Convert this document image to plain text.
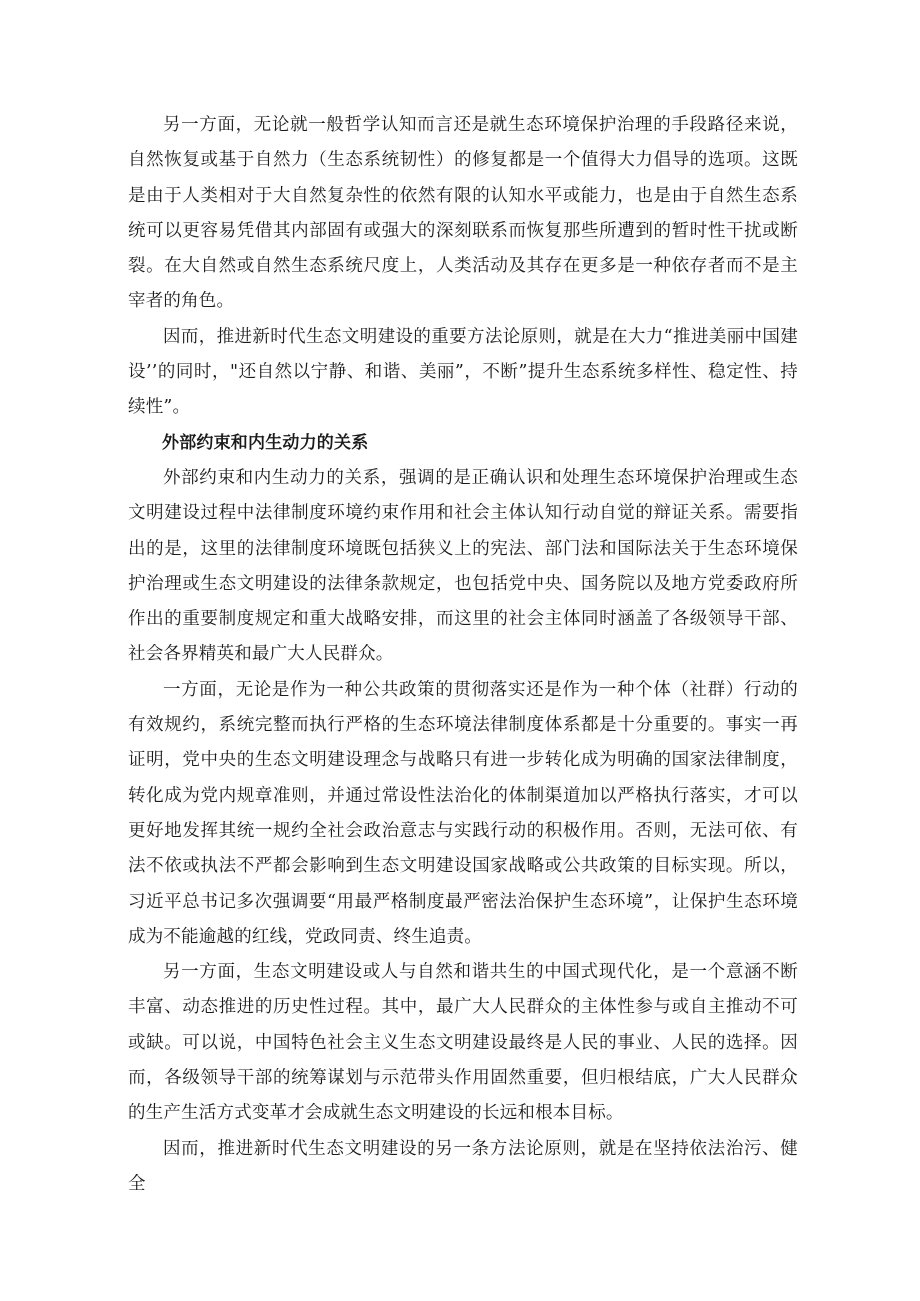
另一方面，无论就一般哲学认知而言还是就生态环境保护治理的手段路径来说，自然恢复或基于自然力（生态系统韧性）的修复都是一个值得大力倡导的选项。这既是由于人类相对于大自然复杂性的依然有限的认知水平或能力，也是由于自然生态系统可以更容易凭借其内部固有或强大的深刻联系而恢复那些所遭到的暂时性干扰或断裂。在大自然或自然生态系统尺度上，人类活动及其存在更多是一种依存者而不是主宰者的角色。

因而，推进新时代生态文明建设的重要方法论原则，就是在大力“推进美丽中国建设’’的同时，"还自然以宁静、和谐、美丽”，不断”提升生态系统多样性、稳定性、持续性”。

外部约束和内生动力的关系

外部约束和内生动力的关系，强调的是正确认识和处理生态环境保护治理或生态文明建设过程中法律制度环境约束作用和社会主体认知行动自觉的辩证关系。需要指出的是，这里的法律制度环境既包括狭义上的宪法、部门法和国际法关于生态环境保护治理或生态文明建设的法律条款规定，也包括党中央、国务院以及地方党委政府所作出的重要制度规定和重大战略安排，而这里的社会主体同时涵盖了各级领导干部、社会各界精英和最广大人民群众。

一方面，无论是作为一种公共政策的贯彻落实还是作为一种个体（社群）行动的有效规约，系统完整而执行严格的生态环境法律制度体系都是十分重要的。事实一再证明，党中央的生态文明建设理念与战略只有进一步转化成为明确的国家法律制度，转化成为党内规章准则，并通过常设性法治化的体制渠道加以严格执行落实，才可以更好地发挥其统一规约全社会政治意志与实践行动的积极作用。否则，无法可依、有法不依或执法不严都会影响到生态文明建设国家战略或公共政策的目标实现。所以，习近平总书记多次强调要“用最严格制度最严密法治保护生态环境”，让保护生态环境成为不能逾越的红线，党政同责、终生追责。

另一方面，生态文明建设或人与自然和谐共生的中国式现代化，是一个意涵不断丰富、动态推进的历史性过程。其中，最广大人民群众的主体性参与或自主推动不可或缺。可以说，中国特色社会主义生态文明建设最终是人民的事业、人民的选择。因而，各级领导干部的统筹谋划与示范带头作用固然重要，但归根结底，广大人民群众的生产生活方式变革才会成就生态文明建设的长远和根本目标。

因而，推进新时代生态文明建设的另一条方法论原则，就是在坚持依法治污、健全
